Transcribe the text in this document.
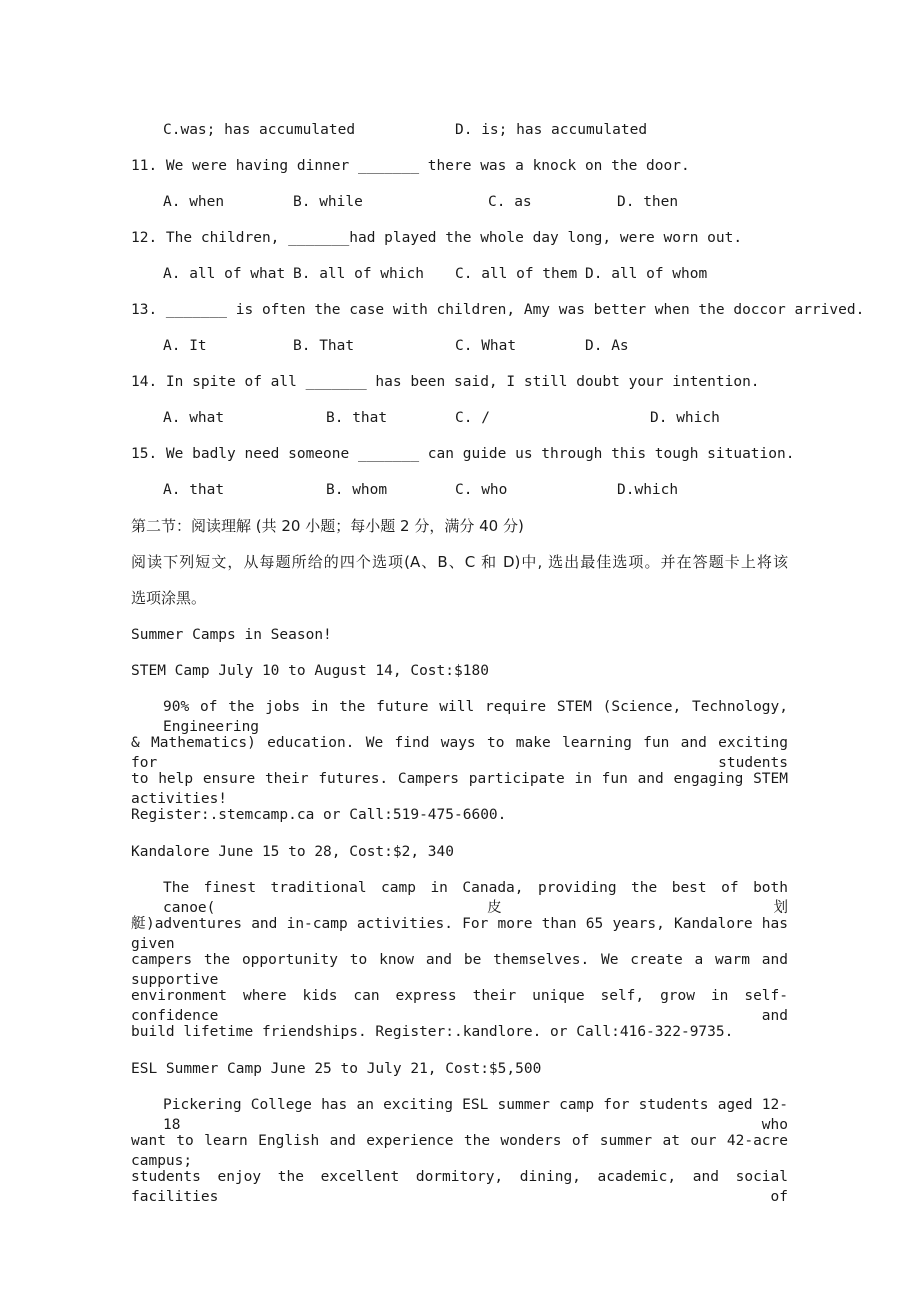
C.was; has accumulated	D. is; has accumulated
11. We were having dinner _______ there was a knock on the door.
A. when	B. while	C. as	D. then
12. The children, _______had played the whole day long, were worn out.
A. all of what B. all of which C. all of them D. all of whom
13. _______ is often the case with children, Amy was better when the doccor arrived.
A. It	B. That	C. What	D. As
14. In spite of all _______ has been said, I still doubt your intention.
A. what	B. that	C. /	D. which
15. We badly need someone _______ can guide us through this tough situation.
A. that	B. whom	C. who	D.which
第二节：阅读理解 (共 20 小题；每小题 2 分，满分 40 分)
阅读下列短文，从每题所给的四个选项(A、B、C 和 D)中, 选出最佳选项。并在答题卡上将该
选项涂黑。
Summer Camps in Season!
STEM Camp July 10 to August 14, Cost:$180
90% of the jobs in the future will require STEM (Science, Technology, Engineering
& Mathematics) education. We find ways to make learning fun and exciting for students
to help ensure their futures. Campers participate in fun and engaging STEM activities!
Register:.stemcamp.ca or Call:519-475-6600.
Kandalore June 15 to 28, Cost:$2, 340
The finest traditional camp in Canada, providing the best of both canoe(皮划
艇)adventures and in-camp activities. For more than 65 years, Kandalore has given
campers the opportunity to know and be themselves. We create a warm and supportive
environment where kids can express their unique self, grow in self-confidence and
build lifetime friendships. Register:.kandlore. or Call:416-322-9735.
ESL Summer Camp June 25 to July 21, Cost:$5,500
Pickering College has an exciting ESL summer camp for students aged 12-18 who
want to learn English and experience the wonders of summer at our 42-acre campus;
students enjoy the excellent dormitory, dining, academic, and social facilities of
